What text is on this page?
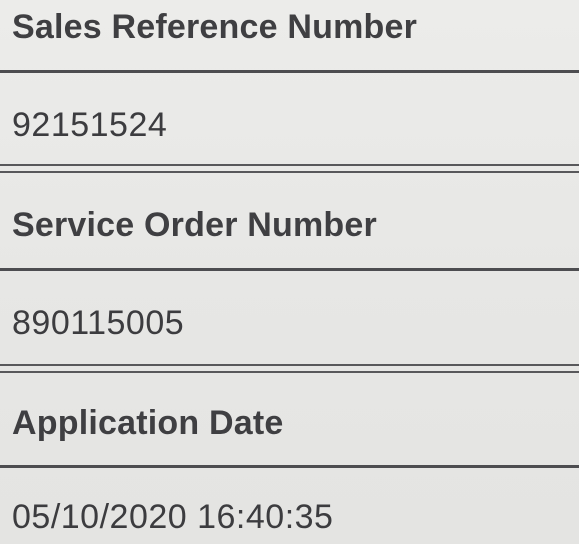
Sales Reference Number
92151524
Service Order Number
890115005
Application Date
05/10/2020 16:40:35
